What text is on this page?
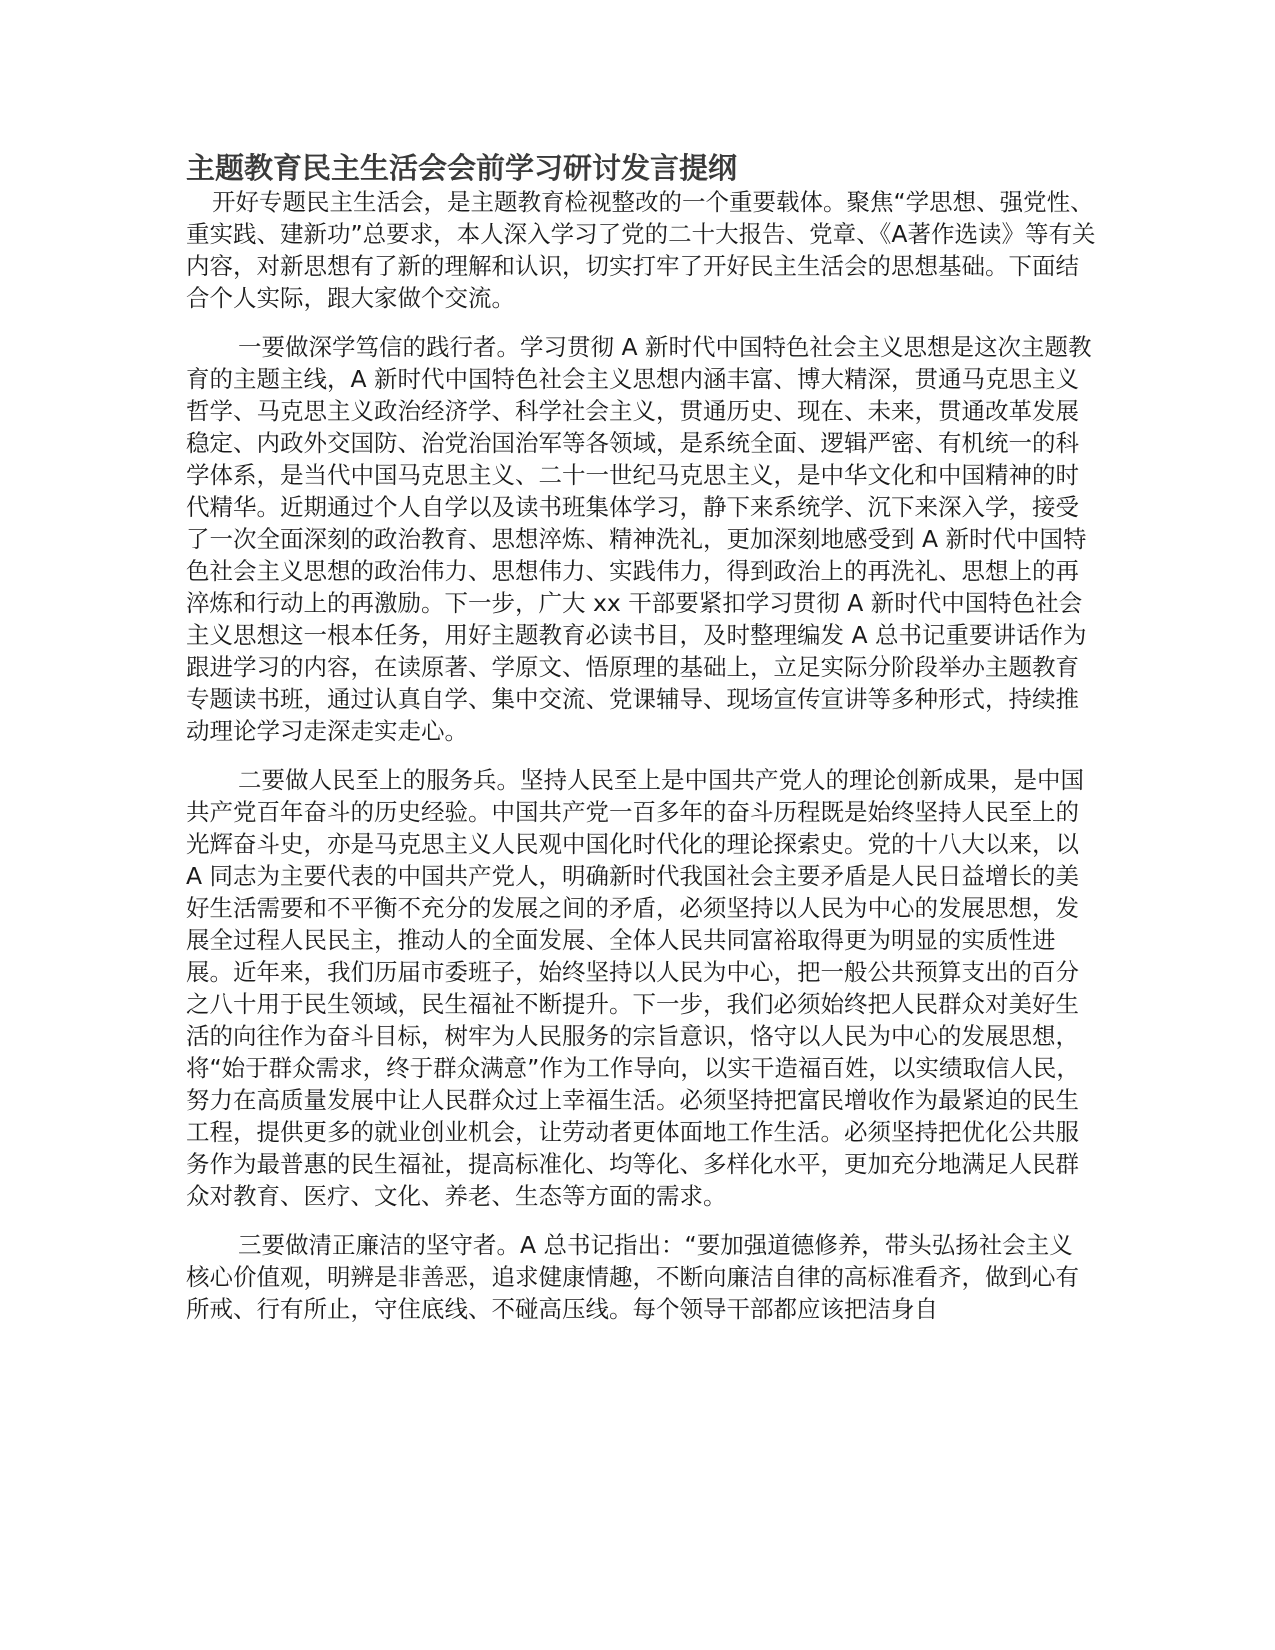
主题教育民主生活会会前学习研讨发言提纲

开好专题民主生活会，是主题教育检视整改的一个重要载体。聚焦“学思想、强党性、重实践、建新功”总要求，本人深入学习了党的二十大报告、党章、《A著作选读》等有关内容，对新思想有了新的理解和认识，切实打牢了开好民主生活会的思想基础。下面结合个人实际，跟大家做个交流。

一要做深学笃信的践行者。学习贯彻 A 新时代中国特色社会主义思想是这次主题教育的主题主线，A 新时代中国特色社会主义思想内涵丰富、博大精深，贯通马克思主义哲学、马克思主义政治经济学、科学社会主义，贯通历史、现在、未来，贯通改革发展稳定、内政外交国防、治党治国治军等各领域，是系统全面、逻辑严密、有机统一的科学体系，是当代中国马克思主义、二十一世纪马克思主义，是中华文化和中国精神的时代精华。近期通过个人自学以及读书班集体学习，静下来系统学、沉下来深入学，接受了一次全面深刻的政治教育、思想淬炼、精神洗礼，更加深刻地感受到 A 新时代中国特色社会主义思想的政治伟力、思想伟力、实践伟力，得到政治上的再洗礼、思想上的再淬炼和行动上的再激励。下一步，广大 xx 干部要紧扣学习贯彻 A 新时代中国特色社会主义思想这一根本任务，用好主题教育必读书目，及时整理编发 A 总书记重要讲话作为跟进学习的内容，在读原著、学原文、悟原理的基础上，立足实际分阶段举办主题教育专题读书班，通过认真自学、集中交流、党课辅导、现场宣传宣讲等多种形式，持续推动理论学习走深走实走心。

二要做人民至上的服务兵。坚持人民至上是中国共产党人的理论创新成果，是中国共产党百年奋斗的历史经验。中国共产党一百多年的奋斗历程既是始终坚持人民至上的光辉奋斗史，亦是马克思主义人民观中国化时代化的理论探索史。党的十八大以来，以 A 同志为主要代表的中国共产党人，明确新时代我国社会主要矛盾是人民日益增长的美好生活需要和不平衡不充分的发展之间的矛盾，必须坚持以人民为中心的发展思想，发展全过程人民民主，推动人的全面发展、全体人民共同富裕取得更为明显的实质性进展。近年来，我们历届市委班子，始终坚持以人民为中心，把一般公共预算支出的百分之八十用于民生领域，民生福祉不断提升。下一步，我们必须始终把人民群众对美好生活的向往作为奋斗目标，树牢为人民服务的宗旨意识，恪守以人民为中心的发展思想，将“始于群众需求，终于群众满意”作为工作导向，以实干造福百姓，以实绩取信人民，努力在高质量发展中让人民群众过上幸福生活。必须坚持把富民增收作为最紧迫的民生工程，提供更多的就业创业机会，让劳动者更体面地工作生活。必须坚持把优化公共服务作为最普惠的民生福祉，提高标准化、均等化、多样化水平，更加充分地满足人民群众对教育、医疗、文化、养老、生态等方面的需求。

三要做清正廉洁的坚守者。A 总书记指出：“要加强道德修养，带头弘扬社会主义核心价值观，明辨是非善恶，追求健康情趣，不断向廉洁自律的高标准看齐，做到心有所戒、行有所止，守住底线、不碰高压线。每个领导干部都应该把洁身自
